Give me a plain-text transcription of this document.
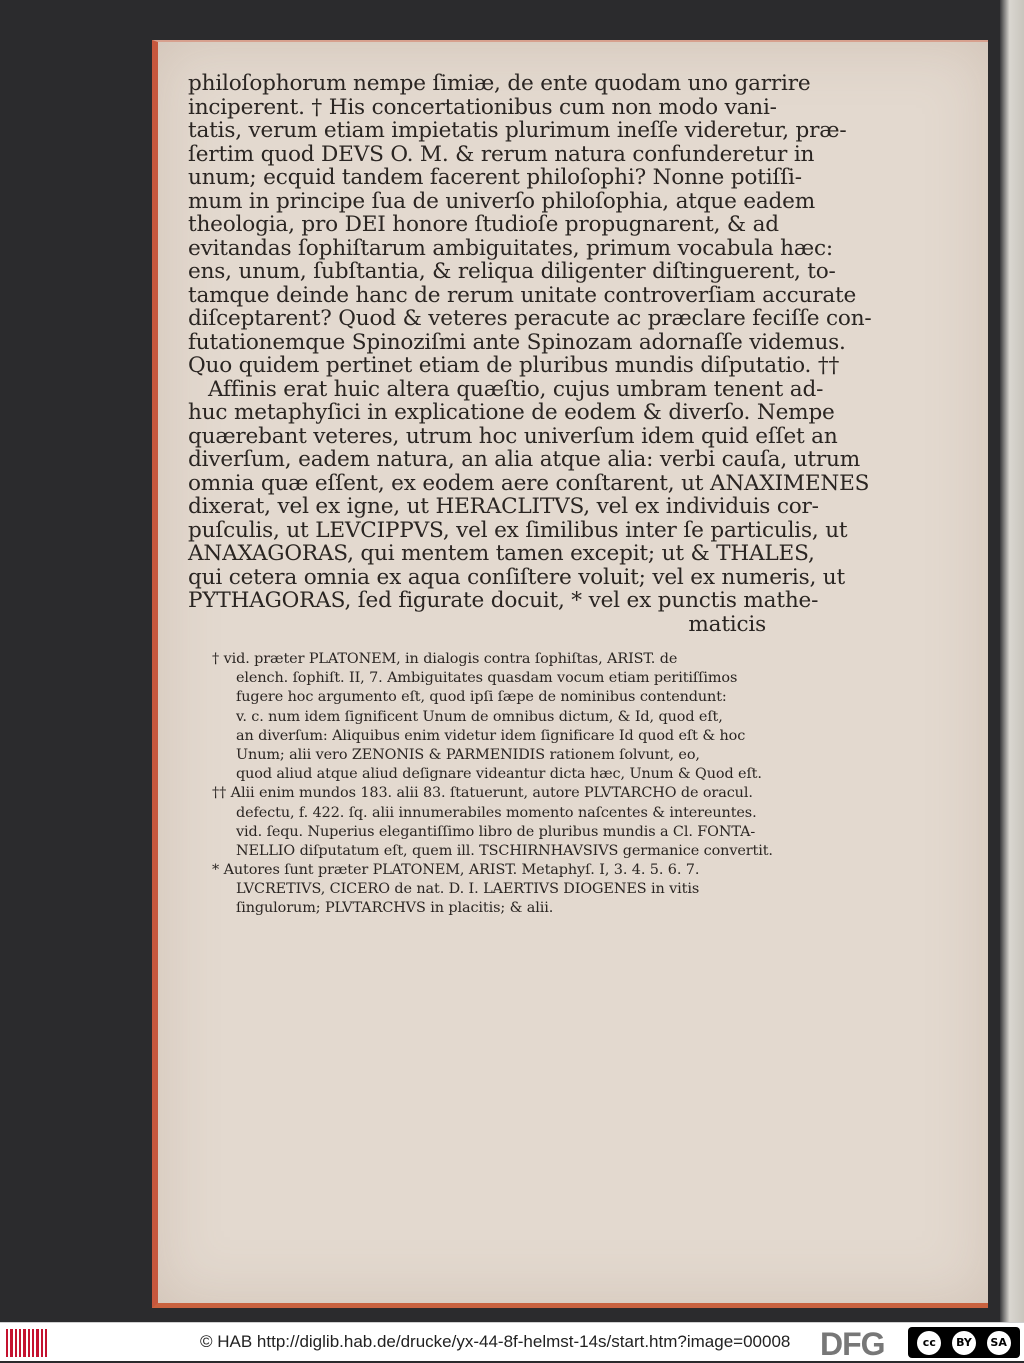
philoſophorum nempe ſimiæ, de ente quodam uno garrire
inciperent. † His concertationibus cum non modo vani-
tatis, verum etiam impietatis plurimum ineſſe videretur, præ-
ſertim quod DEVS O. M. & rerum natura confunderetur in
unum; ecquid tandem facerent philoſophi? Nonne potiſſi-
mum in principe ſua de univerſo philoſophia, atque eadem
theologia, pro DEI honore ſtudioſe propugnarent, & ad
evitandas ſophiſtarum ambiguitates, primum vocabula hæc:
ens, unum, ſubſtantia, & reliqua diligenter diſtinguerent, to-
tamque deinde hanc de rerum unitate controverſiam accurate
diſceptarent? Quod & veteres peracute ac præclare feciſſe con-
futationemque Spinoziſmi ante Spinozam adornaſſe videmus.
Quo quidem pertinet etiam de pluribus mundis diſputatio. ††
Affinis erat huic altera quæſtio, cujus umbram tenent ad-
huc metaphyſici in explicatione de eodem & diverſo. Nempe
quærebant veteres, utrum hoc univerſum idem quid eſſet an
diverſum, eadem natura, an alia atque alia: verbi cauſa, utrum
omnia quæ eſſent, ex eodem aere conſtarent, ut ANAXIMENES
dixerat, vel ex igne, ut HERACLITVS, vel ex individuis cor-
puſculis, ut LEVCIPPVS, vel ex ſimilibus inter ſe particulis, ut
ANAXAGORAS, qui mentem tamen excepit; ut & THALES,
qui cetera omnia ex aqua conſiſtere voluit; vel ex numeris, ut
PYTHAGORAS, ſed figurate docuit, * vel ex punctis mathe-
maticis
† vid. præter PLATONEM, in dialogis contra ſophiſtas, ARIST. de
elench. ſophiſt. II, 7. Ambiguitates quasdam vocum etiam peritiſſimos
fugere hoc argumento eſt, quod ipſi ſæpe de nominibus contendunt:
v. c. num idem ſignificent Unum de omnibus dictum, & Id, quod eſt,
an diverſum: Aliquibus enim videtur idem ſignificare Id quod eſt & hoc
Unum; alii vero ZENONIS & PARMENIDIS rationem ſolvunt, eo,
quod aliud atque aliud deſignare videantur dicta hæc, Unum & Quod eſt.
†† Alii enim mundos 183. alii 83. ſtatuerunt, autore PLVTARCHO de oracul.
defectu, f. 422. ſq. alii innumerabiles momento naſcentes & intereuntes.
vid. ſequ. Nuperius elegantiſſimo libro de pluribus mundis a Cl. FONTA-
NELLIO diſputatum eſt, quem ill. TSCHIRNHAVSIVS germanice convertit.
* Autores ſunt præter PLATONEM, ARIST. Metaphyſ. I, 3. 4. 5. 6. 7.
LVCRETIVS, CICERO de nat. D. I. LAERTIVS DIOGENES in vitis
ſingulorum; PLVTARCHVS in placitis; & alii.
© HAB http://diglib.hab.de/drucke/yx-44-8f-helmst-14s/start.htm?image=00008 DFG	cc	BY	SA
